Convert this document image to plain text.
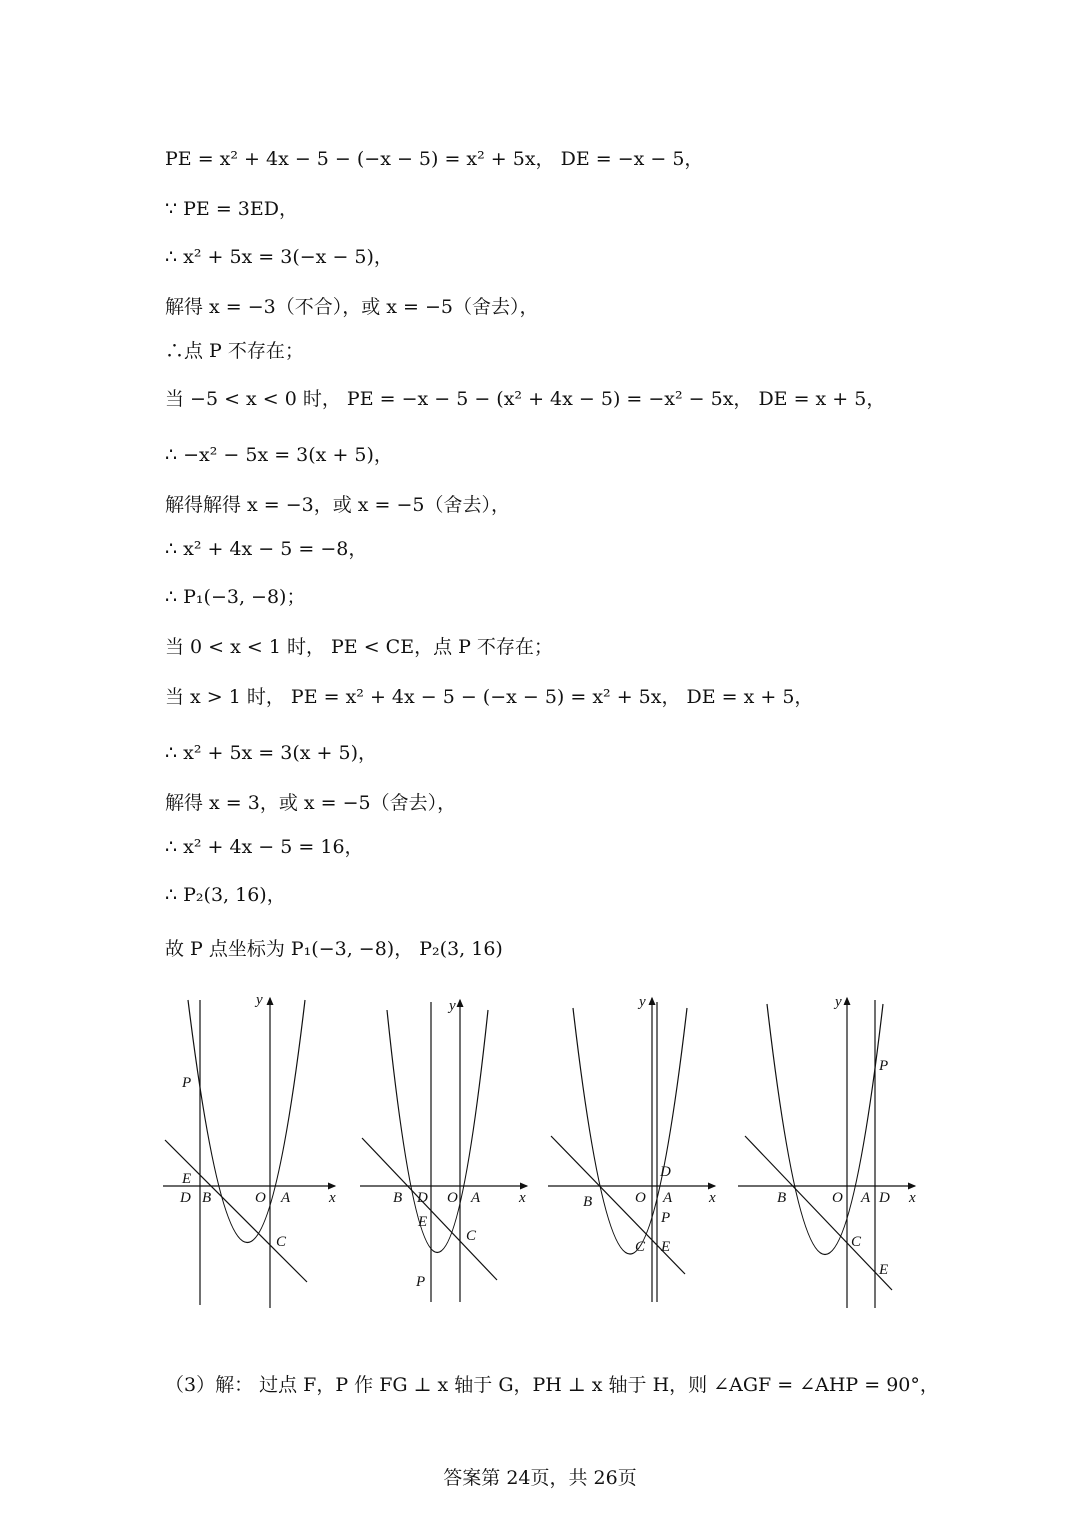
PE = x² + 4x − 5 − (−x − 5) = x² + 5x， DE = −x − 5，
∵ PE = 3ED，
∴ x² + 5x = 3(−x − 5)，
解得 x = −3（不合），或 x = −5（舍去），
∴点 P 不存在；
当 −5 < x < 0 时， PE = −x − 5 − (x² + 4x − 5) = −x² − 5x， DE = x + 5，
∴ −x² − 5x = 3(x + 5)，
解得解得 x = −3，或 x = −5（舍去），
∴ x² + 4x − 5 = −8，
∴ P₁(−3, −8)；
当 0 < x < 1 时， PE < CE，点 P 不存在；
当 x > 1 时， PE = x² + 4x − 5 − (−x − 5) = x² + 5x， DE = x + 5，
∴ x² + 5x = 3(x + 5)，
解得 x = 3，或 x = −5（舍去），
∴ x² + 4x − 5 = 16，
∴ P₂(3, 16)，
故 P 点坐标为 P₁(−3, −8)， P₂(3, 16)
y
x
P
E
D B	O A
C
y
x
B D O A
E
C
P
y
x
D
B	O A
P
C E
y
x
P
B	O A D
C
E
（3）解： 过点 F，P 作 FG ⊥ x 轴于 G，PH ⊥ x 轴于 H，则 ∠AGF = ∠AHP = 90°，
答案第 24页，共 26页
